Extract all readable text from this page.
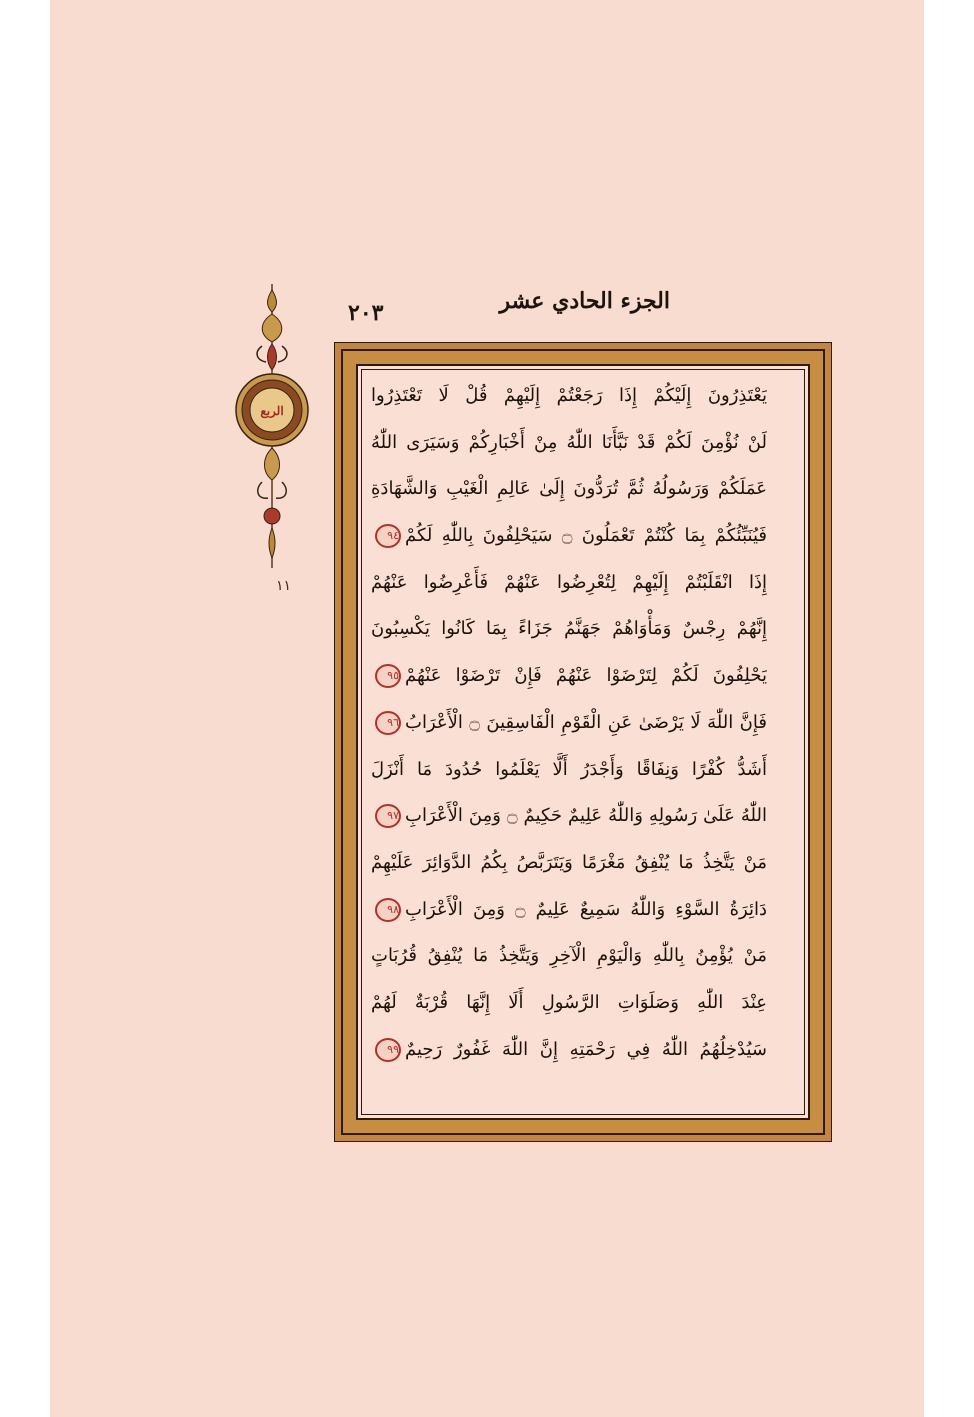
الجزء الحادي عشر
٢٠٣
الربع
١١
يَعْتَذِرُونَ إِلَيْكُمْ إِذَا رَجَعْتُمْ إِلَيْهِمْ قُلْ لَا تَعْتَذِرُوا
لَنْ نُؤْمِنَ لَكُمْ قَدْ نَبَّأَنَا اللّٰهُ مِنْ أَخْبَارِكُمْ وَسَيَرَى اللّٰهُ
عَمَلَكُمْ وَرَسُولُهُ ثُمَّ تُرَدُّونَ إِلَىٰ عَالِمِ الْغَيْبِ وَالشَّهَادَةِ
فَيُنَبِّئُكُمْ بِمَا كُنْتُمْ تَعْمَلُونَ ۝ سَيَحْلِفُونَ بِاللّٰهِ لَكُمْ٩٤
إِذَا انْقَلَبْتُمْ إِلَيْهِمْ لِتُعْرِضُوا عَنْهُمْ فَأَعْرِضُوا عَنْهُمْ
إِنَّهُمْ رِجْسٌ وَمَأْوَاهُمْ جَهَنَّمُ جَزَاءً بِمَا كَانُوا يَكْسِبُونَ
يَحْلِفُونَ لَكُمْ لِتَرْضَوْا عَنْهُمْ فَإِنْ تَرْضَوْا عَنْهُمْ٩٥
فَإِنَّ اللّٰهَ لَا يَرْضَىٰ عَنِ الْقَوْمِ الْفَاسِقِينَ ۝ الْأَعْرَابُ٩٦
أَشَدُّ كُفْرًا وَنِفَاقًا وَأَجْدَرُ أَلَّا يَعْلَمُوا حُدُودَ مَا أَنْزَلَ
اللّٰهُ عَلَىٰ رَسُولِهِ وَاللّٰهُ عَلِيمٌ حَكِيمٌ ۝ وَمِنَ الْأَعْرَابِ٩٧
مَنْ يَتَّخِذُ مَا يُنْفِقُ مَغْرَمًا وَيَتَرَبَّصُ بِكُمُ الدَّوَائِرَ عَلَيْهِمْ
دَائِرَةُ السَّوْءِ وَاللّٰهُ سَمِيعٌ عَلِيمٌ ۝ وَمِنَ الْأَعْرَابِ٩٨
مَنْ يُؤْمِنُ بِاللّٰهِ وَالْيَوْمِ الْآخِرِ وَيَتَّخِذُ مَا يُنْفِقُ قُرُبَاتٍ
عِنْدَ اللّٰهِ وَصَلَوَاتِ الرَّسُولِ أَلَا إِنَّهَا قُرْبَةٌ لَهُمْ
سَيُدْخِلُهُمُ اللّٰهُ فِي رَحْمَتِهِ إِنَّ اللّٰهَ غَفُورٌ رَحِيمٌ٩٩
